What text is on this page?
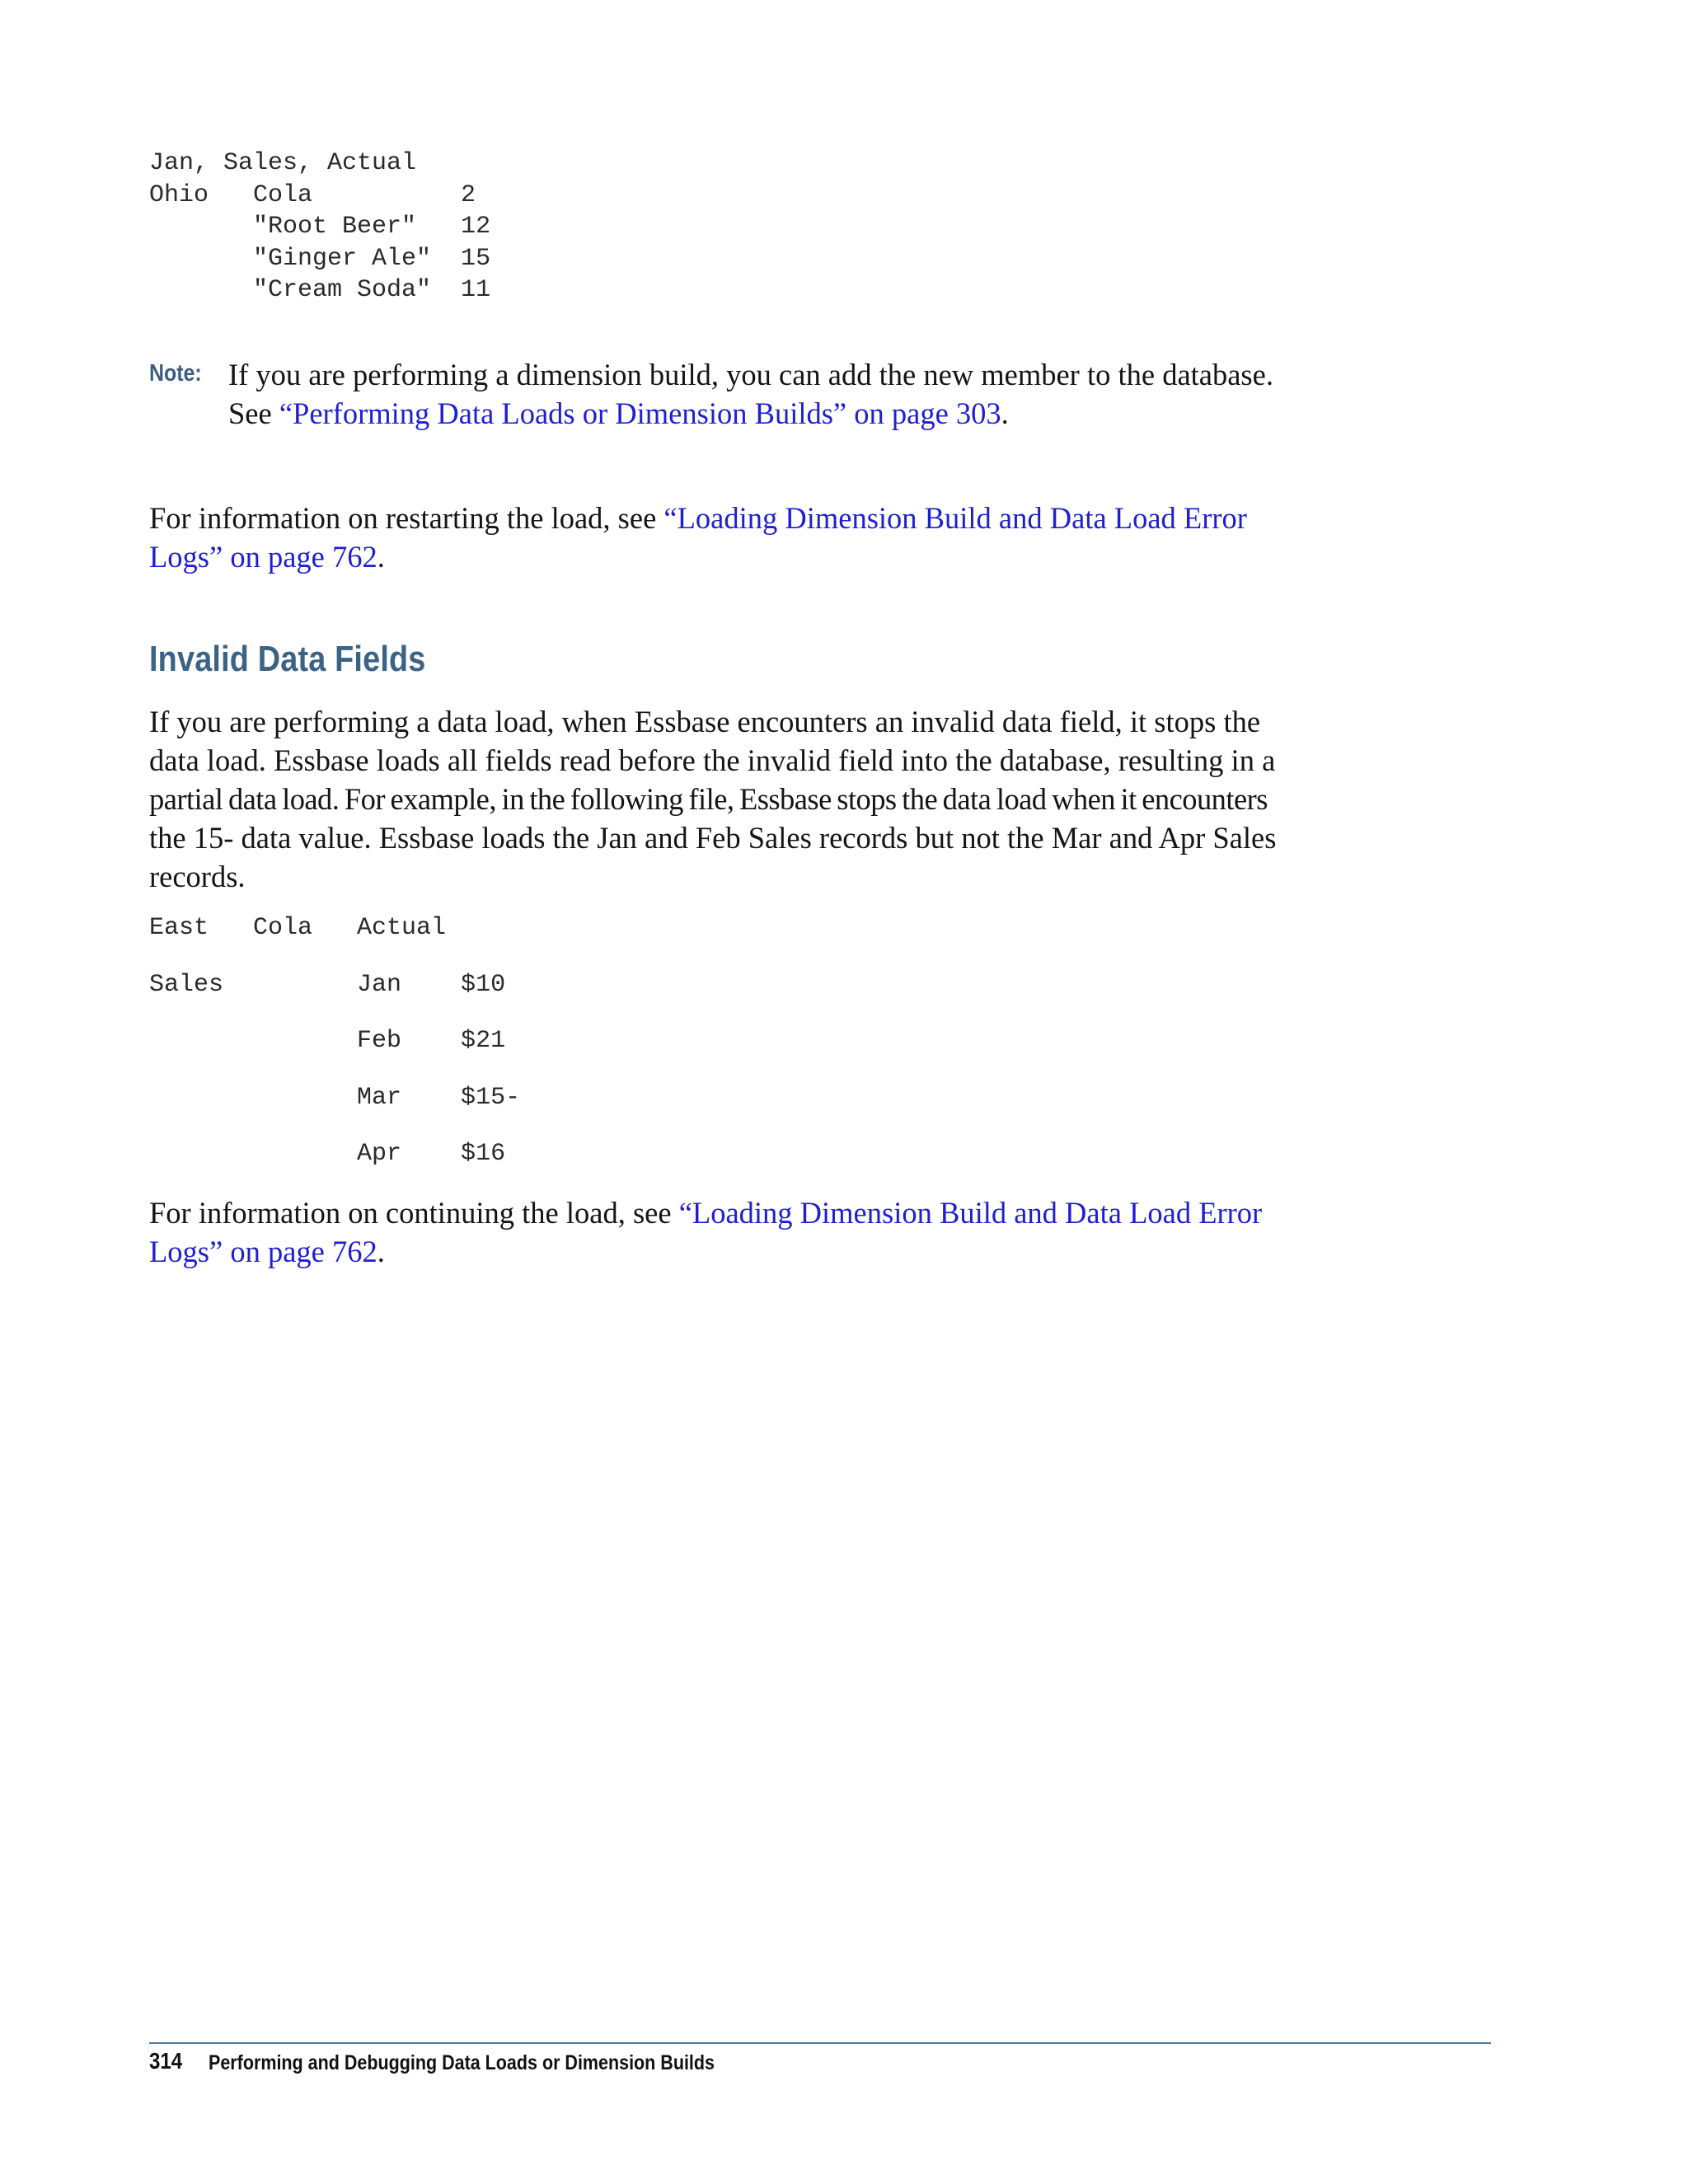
Jan, Sales, Actual
Ohio   Cola          2
"Root Beer"   12
"Ginger Ale"  15
"Cream Soda"  11

Note: If you are performing a dimension build, you can add the new member to the database.

See “Performing Data Loads or Dimension Builds” on page 303.

For information on restarting the load, see “Loading Dimension Build and Data Load Error

Logs” on page 762.

Invalid Data Fields

If you are performing a data load, when Essbase encounters an invalid data field, it stops the

data load. Essbase loads all fields read before the invalid field into the database, resulting in a

partial data load. For example, in the following file, Essbase stops the data load when it encounters

the 15- data value. Essbase loads the Jan and Feb Sales records but not the Mar and Apr Sales

records.

East   Cola   Actual
Sales         Jan    $10
Feb    $21
Mar    $15-
Apr    $16

For information on continuing the load, see “Loading Dimension Build and Data Load Error

Logs” on page 762.

314 Performing and Debugging Data Loads or Dimension Builds
